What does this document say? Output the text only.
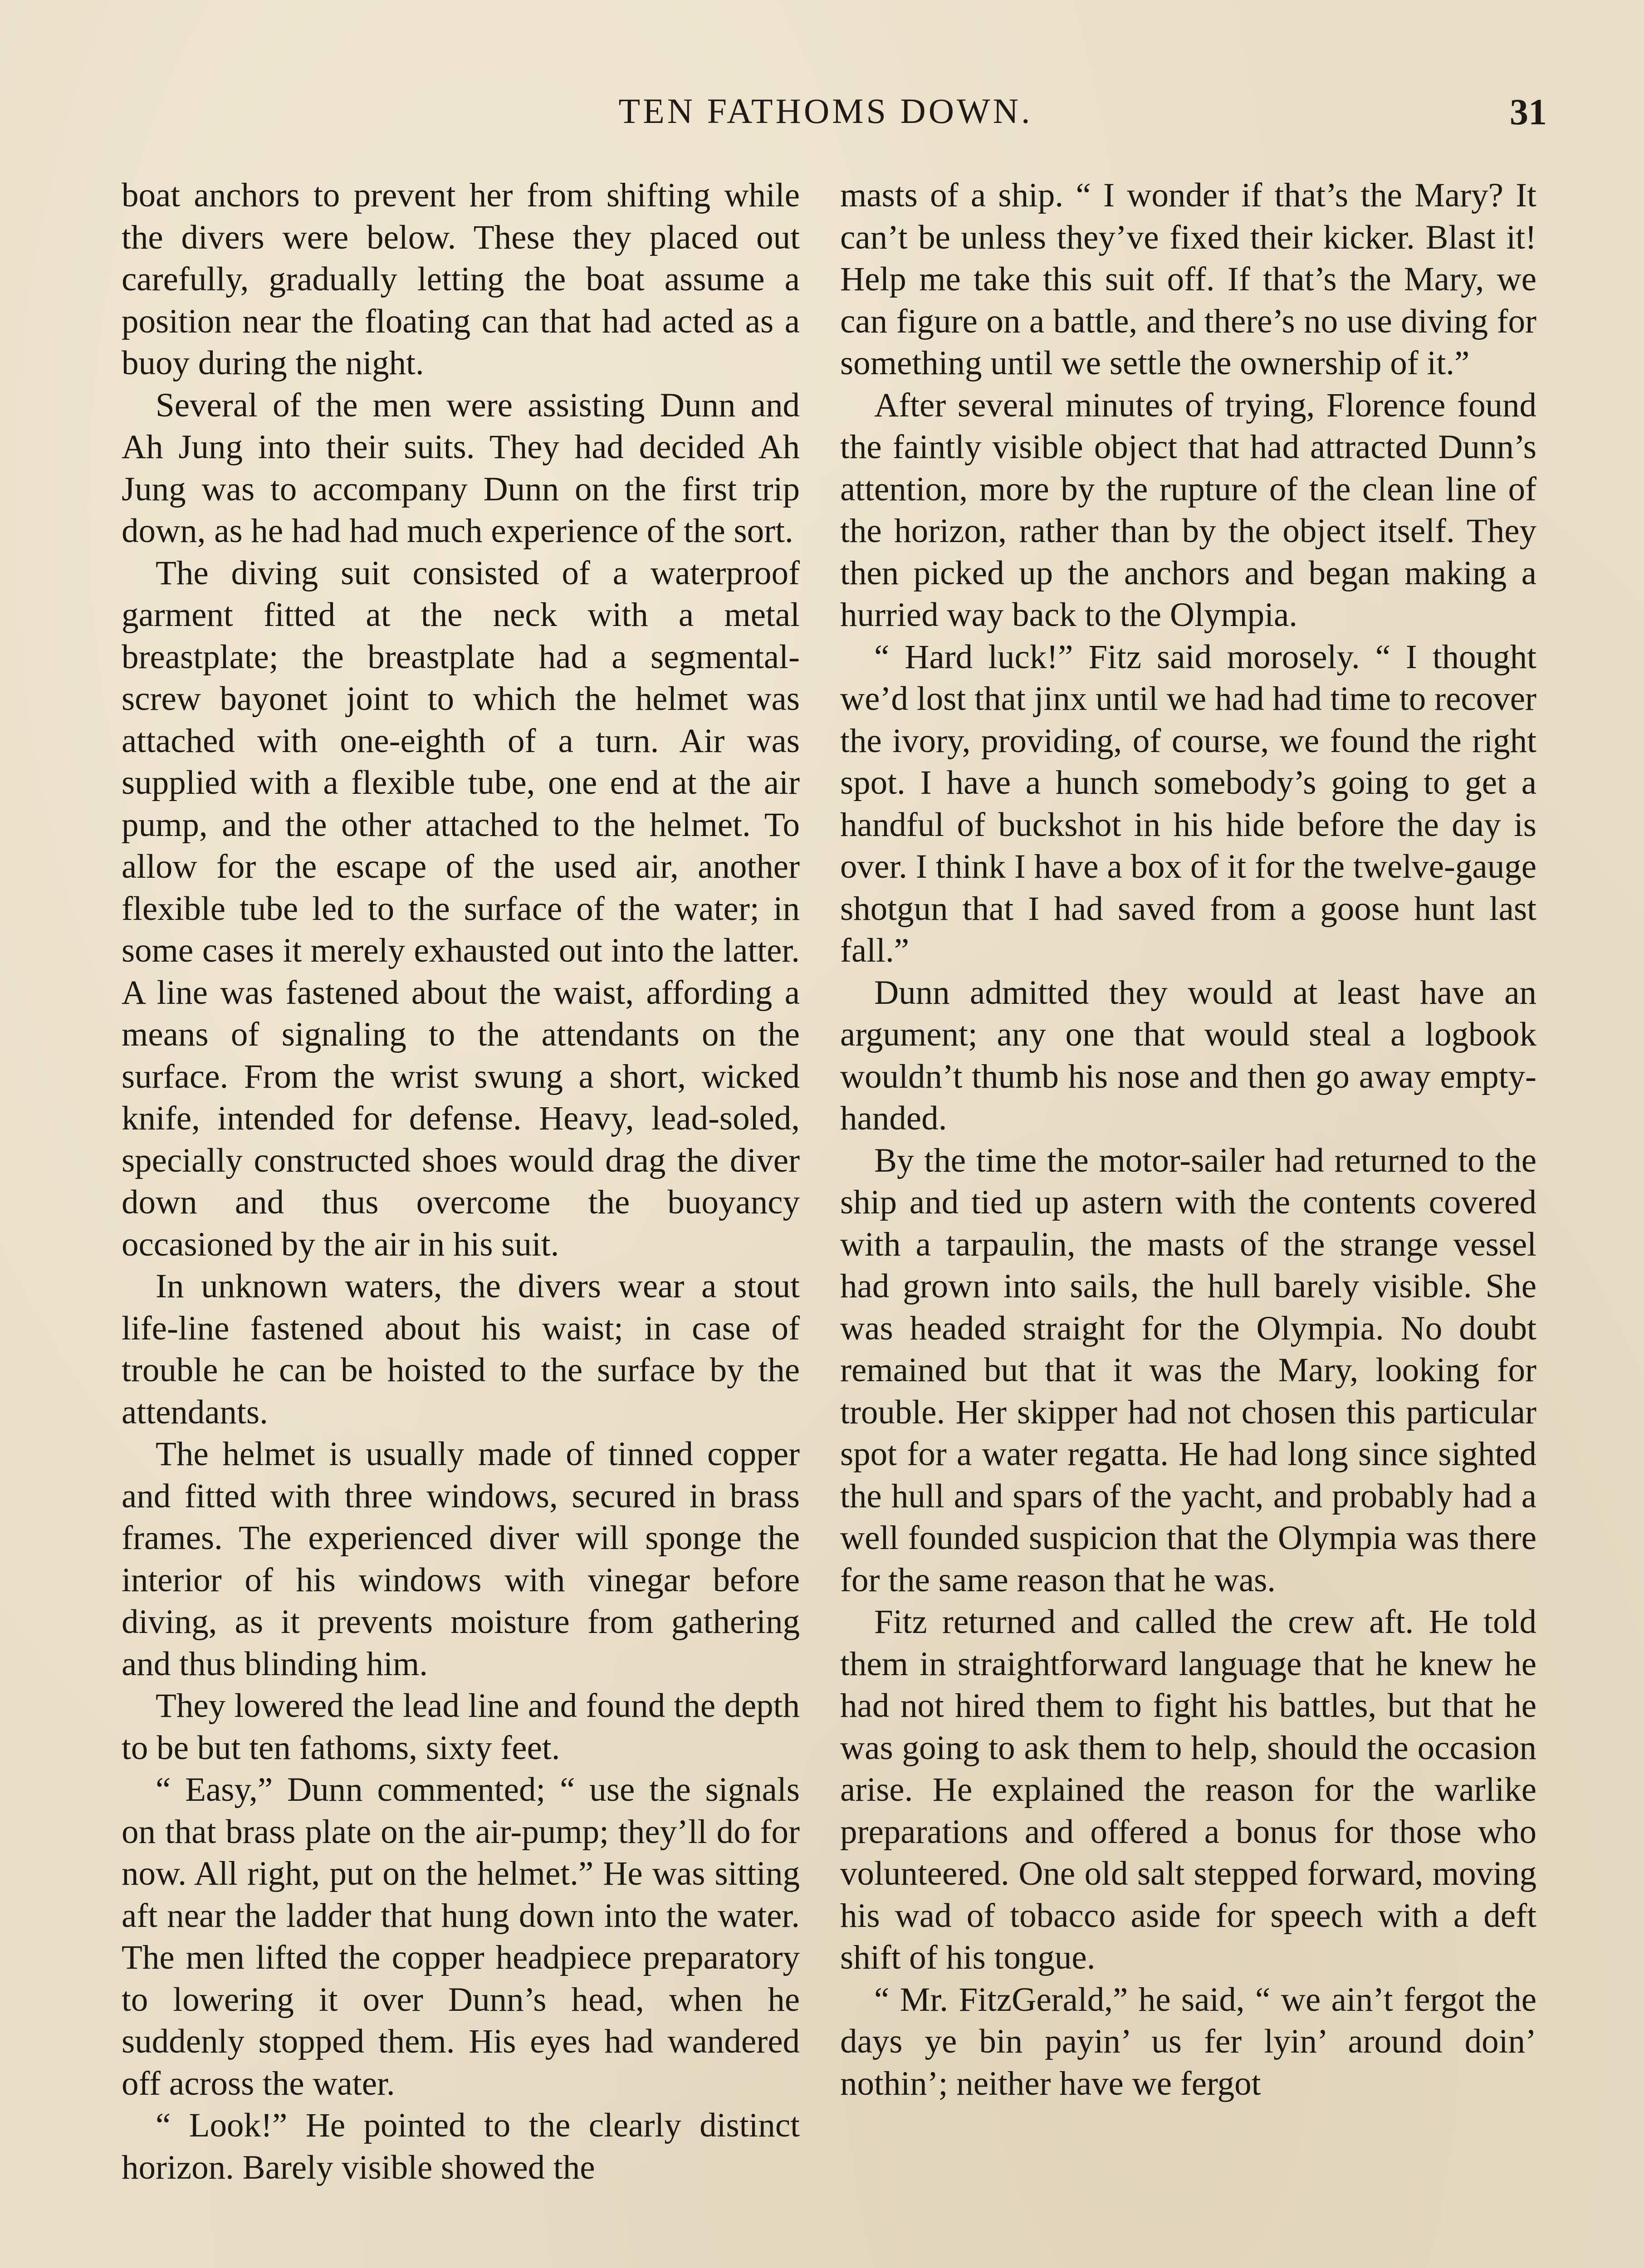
TEN FATHOMS DOWN.	31

boat anchors to prevent her from shifting while the divers were below. These they placed out carefully, gradually letting the boat assume a position near the floating can that had acted as a buoy during the night.

Several of the men were assisting Dunn and Ah Jung into their suits. They had decided Ah Jung was to accompany Dunn on the first trip down, as he had had much experience of the sort.

The diving suit consisted of a waterproof garment fitted at the neck with a metal breastplate; the breastplate had a segmental-screw bayonet joint to which the helmet was attached with one-eighth of a turn. Air was supplied with a flexible tube, one end at the air pump, and the other attached to the helmet. To allow for the escape of the used air, another flexible tube led to the surface of the water; in some cases it merely exhausted out into the latter. A line was fastened about the waist, affording a means of signaling to the attendants on the surface. From the wrist swung a short, wicked knife, intended for defense. Heavy, lead-soled, specially constructed shoes would drag the diver down and thus overcome the buoyancy occasioned by the air in his suit.

In unknown waters, the divers wear a stout life-line fastened about his waist; in case of trouble he can be hoisted to the surface by the attendants.

The helmet is usually made of tinned copper and fitted with three windows, secured in brass frames. The experienced diver will sponge the interior of his windows with vinegar before diving, as it prevents moisture from gathering and thus blinding him.

They lowered the lead line and found the depth to be but ten fathoms, sixty feet.

“ Easy,” Dunn commented; “ use the signals on that brass plate on the air-pump; they’ll do for now. All right, put on the helmet.” He was sitting aft near the ladder that hung down into the water. The men lifted the copper headpiece preparatory to lowering it over Dunn’s head, when he suddenly stopped them. His eyes had wandered off across the water.

“ Look!” He pointed to the clearly distinct horizon. Barely visible showed the

masts of a ship. “ I wonder if that’s the Mary? It can’t be unless they’ve fixed their kicker. Blast it! Help me take this suit off. If that’s the Mary, we can figure on a battle, and there’s no use diving for something until we settle the ownership of it.”

After several minutes of trying, Florence found the faintly visible object that had attracted Dunn’s attention, more by the rupture of the clean line of the horizon, rather than by the object itself. They then picked up the anchors and began making a hurried way back to the Olympia.

“ Hard luck!” Fitz said morosely. “ I thought we’d lost that jinx until we had had time to recover the ivory, providing, of course, we found the right spot. I have a hunch somebody’s going to get a handful of buckshot in his hide before the day is over. I think I have a box of it for the twelve-gauge shotgun that I had saved from a goose hunt last fall.”

Dunn admitted they would at least have an argument; any one that would steal a logbook wouldn’t thumb his nose and then go away empty-handed.

By the time the motor-sailer had returned to the ship and tied up astern with the contents covered with a tarpaulin, the masts of the strange vessel had grown into sails, the hull barely visible. She was headed straight for the Olympia. No doubt remained but that it was the Mary, looking for trouble. Her skipper had not chosen this particular spot for a water regatta. He had long since sighted the hull and spars of the yacht, and probably had a well founded suspicion that the Olympia was there for the same reason that he was.

Fitz returned and called the crew aft. He told them in straightforward language that he knew he had not hired them to fight his battles, but that he was going to ask them to help, should the occasion arise. He explained the reason for the warlike preparations and offered a bonus for those who volunteered. One old salt stepped forward, moving his wad of tobacco aside for speech with a deft shift of his tongue.

“ Mr. FitzGerald,” he said, “ we ain’t fergot the days ye bin payin’ us fer lyin’ around doin’ nothin’; neither have we fergot
